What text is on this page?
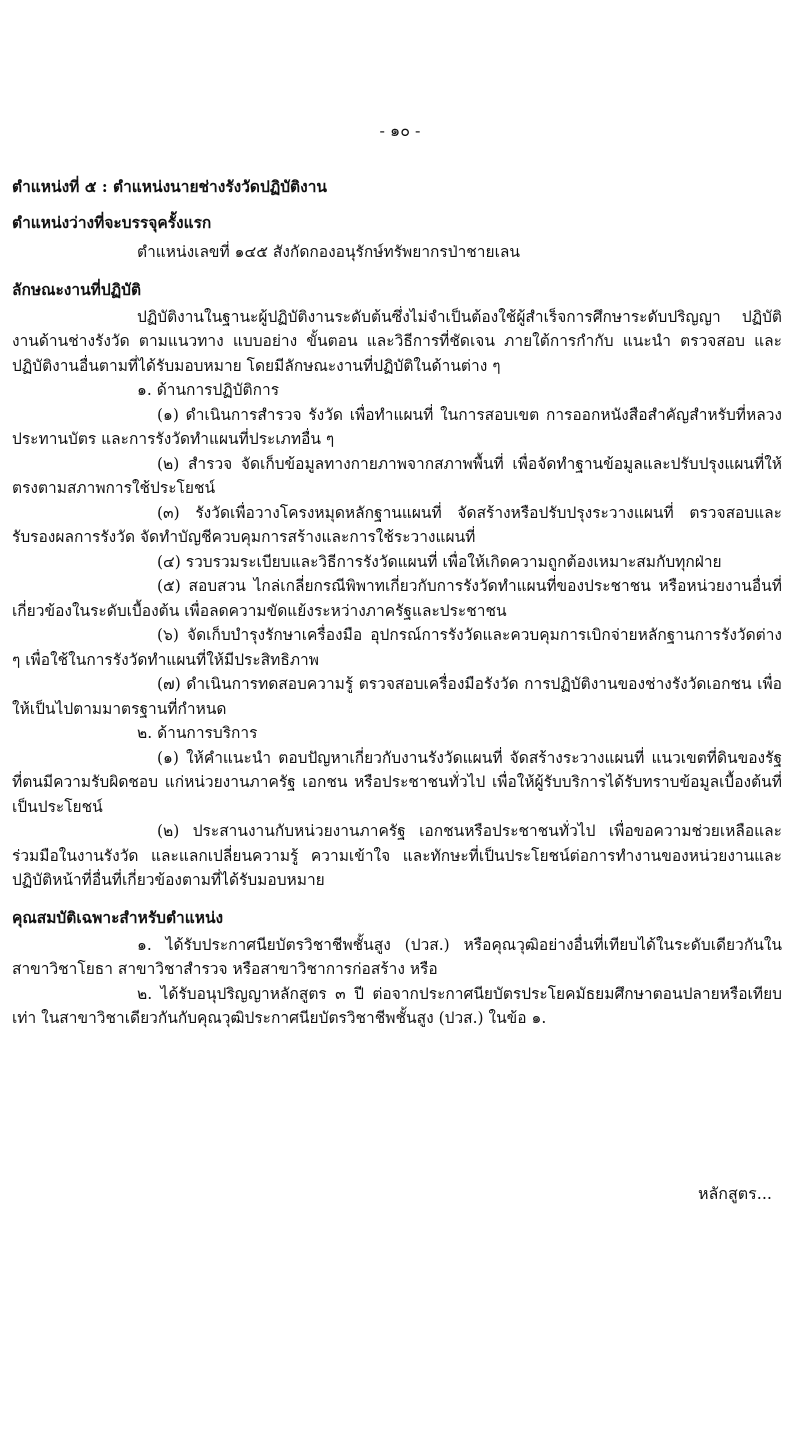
- ๑๐ -

ตำแหน่งที่ ๕ : ตำแหน่งนายช่างรังวัดปฏิบัติงาน

ตำแหน่งว่างที่จะบรรจุครั้งแรก

ตำแหน่งเลขที่ ๑๔๕ สังกัดกองอนุรักษ์ทรัพยากรป่าชายเลน

ลักษณะงานที่ปฏิบัติ

ปฏิบัติงานในฐานะผู้ปฏิบัติงานระดับต้นซึ่งไม่จำเป็นต้องใช้ผู้สำเร็จการศึกษาระดับปริญญา ปฏิบัติงานด้านช่างรังวัด ตามแนวทาง แบบอย่าง ขั้นตอน และวิธีการที่ชัดเจน ภายใต้การกำกับ แนะนำ ตรวจสอบ และปฏิบัติงานอื่นตามที่ได้รับมอบหมาย โดยมีลักษณะงานที่ปฏิบัติในด้านต่าง ๆ

๑. ด้านการปฏิบัติการ

(๑) ดำเนินการสำรวจ รังวัด เพื่อทำแผนที่ ในการสอบเขต การออกหนังสือสำคัญสำหรับที่หลวง ประทานบัตร และการรังวัดทำแผนที่ประเภทอื่น ๆ

(๒) สำรวจ จัดเก็บข้อมูลทางกายภาพจากสภาพพื้นที่ เพื่อจัดทำฐานข้อมูลและปรับปรุงแผนที่ให้ตรงตามสภาพการใช้ประโยชน์

(๓) รังวัดเพื่อวางโครงหมุดหลักฐานแผนที่ จัดสร้างหรือปรับปรุงระวางแผนที่ ตรวจสอบและรับรองผลการรังวัด จัดทำบัญชีควบคุมการสร้างและการใช้ระวางแผนที่

(๔) รวบรวมระเบียบและวิธีการรังวัดแผนที่ เพื่อให้เกิดความถูกต้องเหมาะสมกับทุกฝ่าย

(๕) สอบสวน ไกล่เกลี่ยกรณีพิพาทเกี่ยวกับการรังวัดทำแผนที่ของประชาชน หรือหน่วยงานอื่นที่เกี่ยวข้องในระดับเบื้องต้น เพื่อลดความขัดแย้งระหว่างภาครัฐและประชาชน

(๖) จัดเก็บบำรุงรักษาเครื่องมือ อุปกรณ์การรังวัดและควบคุมการเบิกจ่ายหลักฐานการรังวัดต่าง ๆ เพื่อใช้ในการรังวัดทำแผนที่ให้มีประสิทธิภาพ

(๗) ดำเนินการทดสอบความรู้ ตรวจสอบเครื่องมือรังวัด การปฏิบัติงานของช่างรังวัดเอกชน เพื่อให้เป็นไปตามมาตรฐานที่กำหนด

๒. ด้านการบริการ

(๑) ให้คำแนะนำ ตอบปัญหาเกี่ยวกับงานรังวัดแผนที่ จัดสร้างระวางแผนที่ แนวเขตที่ดินของรัฐที่ตนมีความรับผิดชอบ แก่หน่วยงานภาครัฐ เอกชน หรือประชาชนทั่วไป เพื่อให้ผู้รับบริการได้รับทราบข้อมูลเบื้องต้นที่เป็นประโยชน์

(๒) ประสานงานกับหน่วยงานภาครัฐ เอกชนหรือประชาชนทั่วไป เพื่อขอความช่วยเหลือและร่วมมือในงานรังวัด และแลกเปลี่ยนความรู้ ความเข้าใจ และทักษะที่เป็นประโยชน์ต่อการทำงานของหน่วยงานและปฏิบัติหน้าที่อื่นที่เกี่ยวข้องตามที่ได้รับมอบหมาย

คุณสมบัติเฉพาะสำหรับตำแหน่ง

๑. ได้รับประกาศนียบัตรวิชาชีพชั้นสูง (ปวส.) หรือคุณวุฒิอย่างอื่นที่เทียบได้ในระดับเดียวกันในสาขาวิชาโยธา สาขาวิชาสำรวจ หรือสาขาวิชาการก่อสร้าง หรือ

๒. ได้รับอนุปริญญาหลักสูตร ๓ ปี ต่อจากประกาศนียบัตรประโยคมัธยมศึกษาตอนปลายหรือเทียบเท่า ในสาขาวิชาเดียวกันกับคุณวุฒิประกาศนียบัตรวิชาชีพชั้นสูง (ปวส.) ในข้อ ๑.

หลักสูตร...
